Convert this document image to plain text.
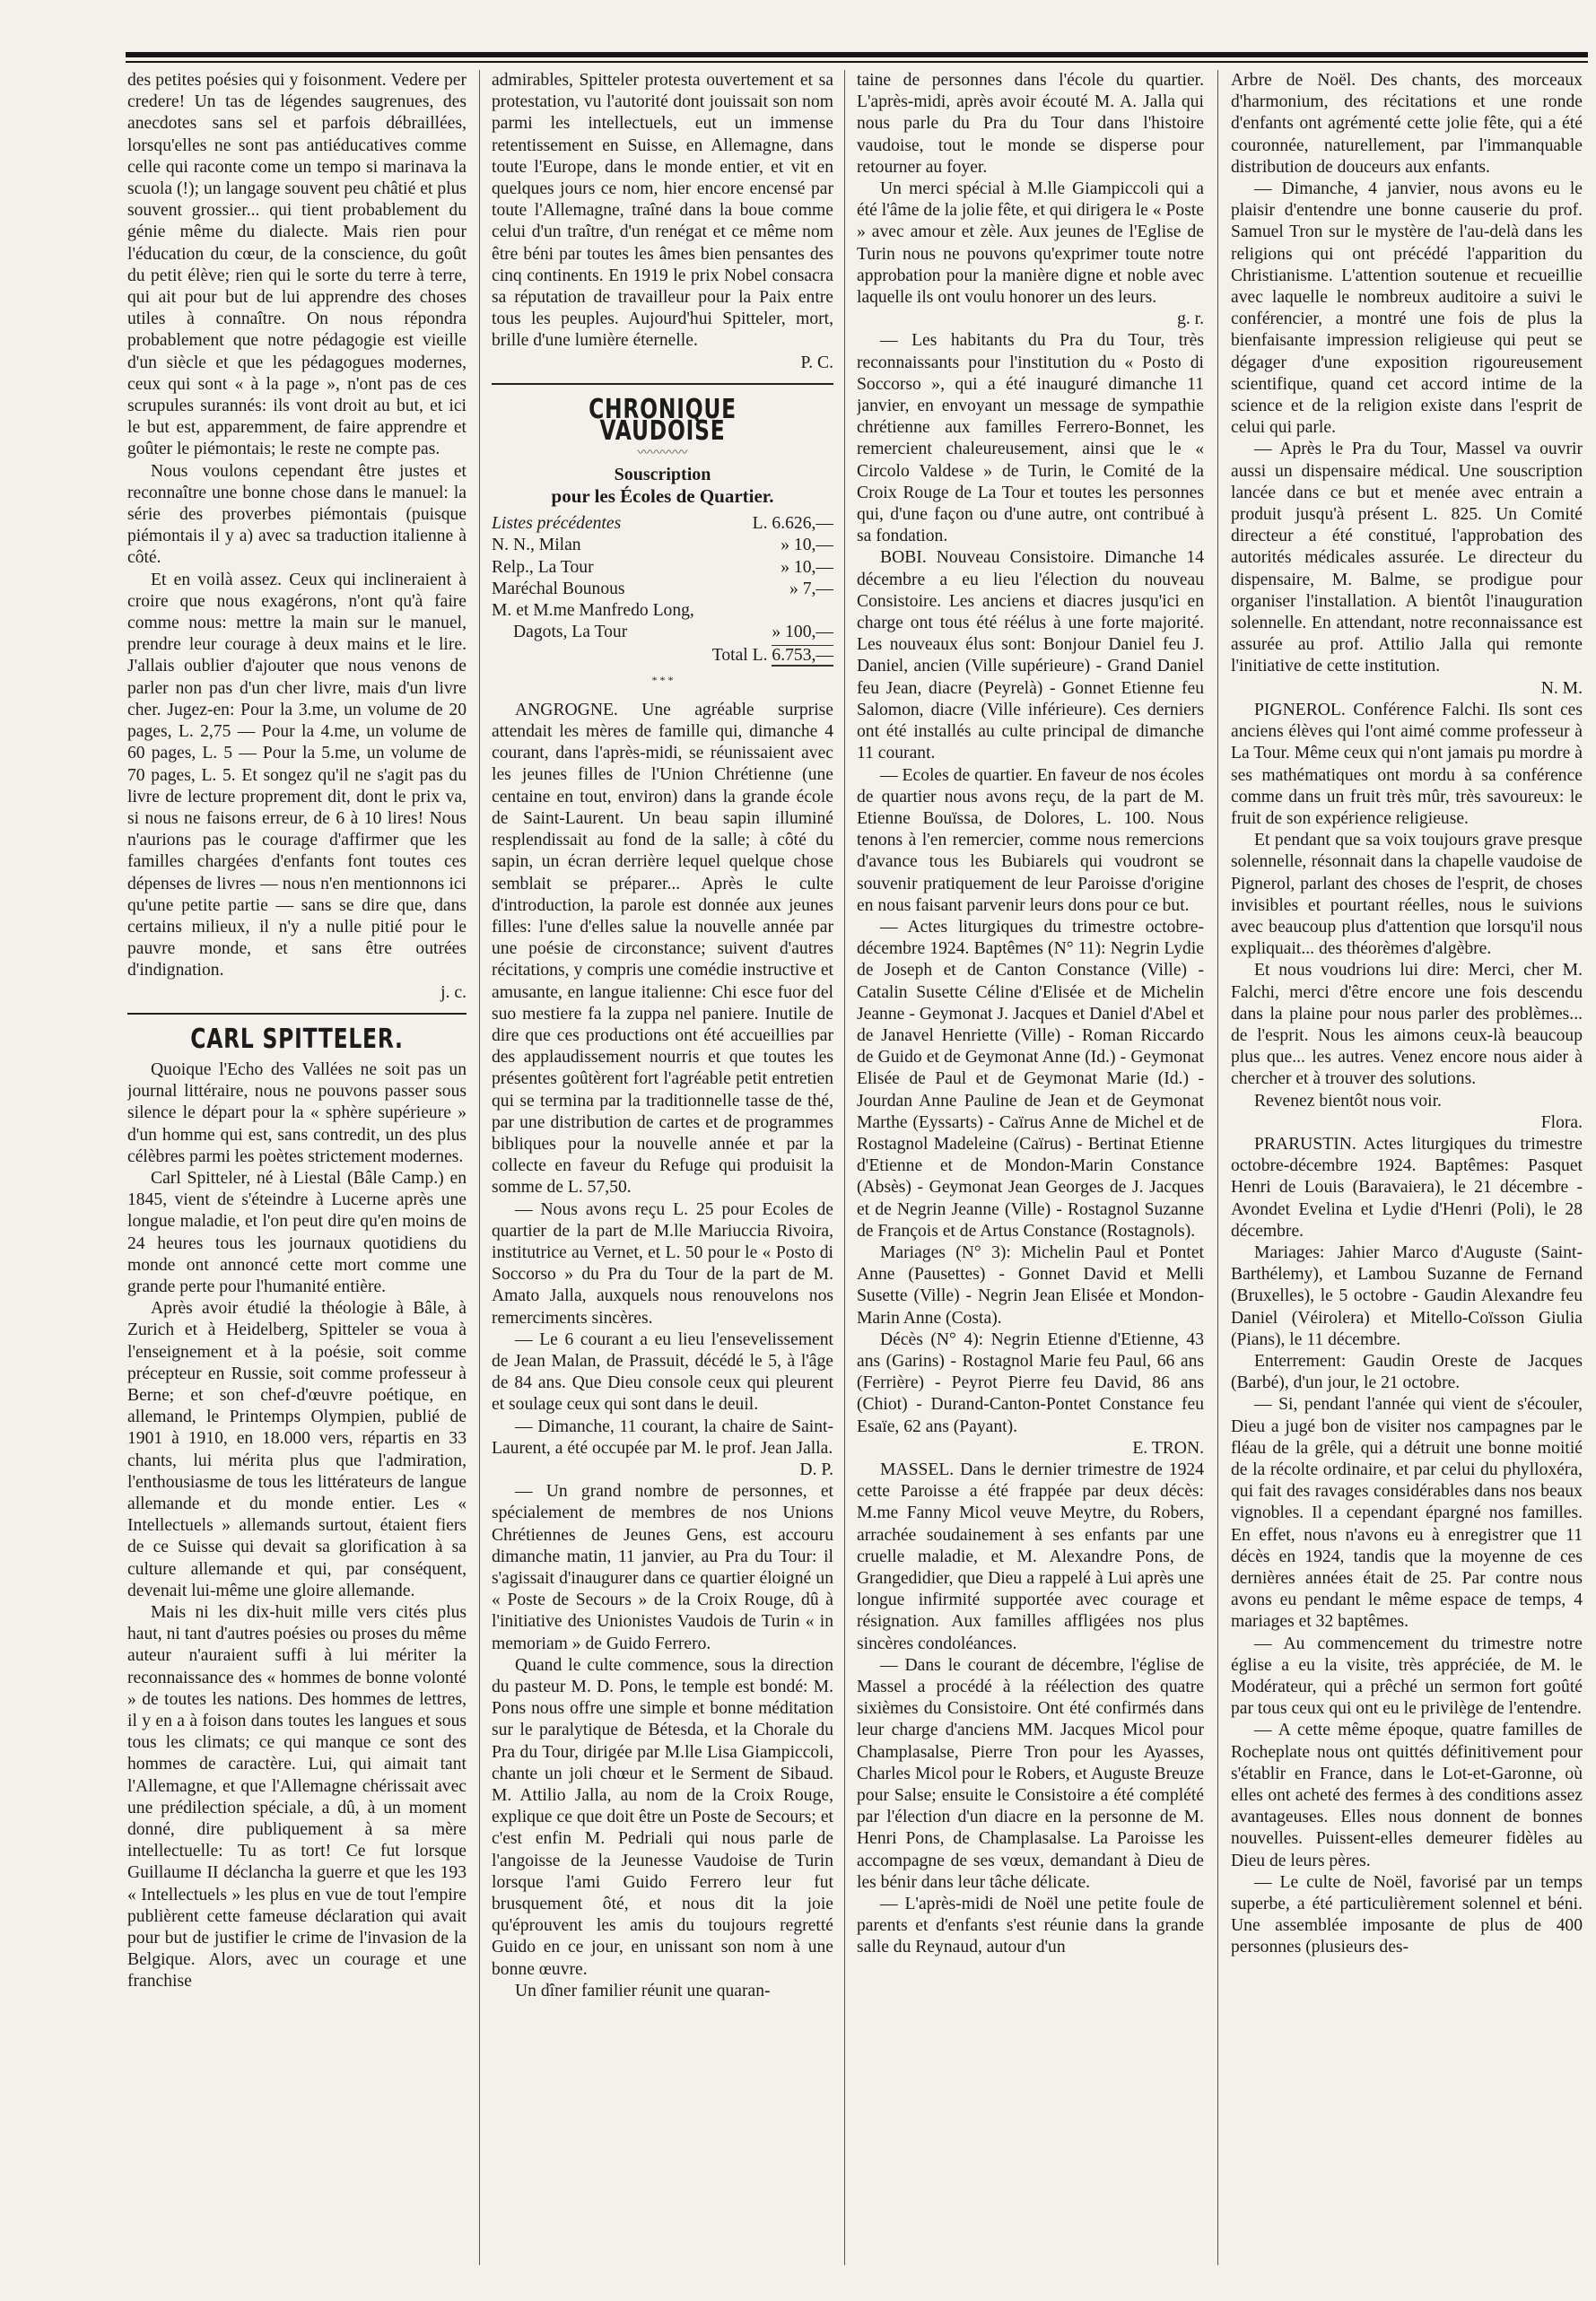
des petites poésies qui y foisonment. Vedere per credere! Un tas de légendes saugrenues, des anecdotes sans sel et parfois débraillées, lorsqu'elles ne sont pas antiéducatives comme celle qui raconte come un tempo si marinava la scuola (!); un langage souvent peu châtié et plus souvent grossier... qui tient probablement du génie même du dialecte. Mais rien pour l'éducation du cœur, de la conscience, du goût du petit élève; rien qui le sorte du terre à terre, qui ait pour but de lui apprendre des choses utiles à connaître. On nous répondra probablement que notre pédagogie est vieille d'un siècle et que les pédagogues modernes, ceux qui sont « à la page », n'ont pas de ces scrupules surannés: ils vont droit au but, et ici le but est, apparemment, de faire apprendre et goûter le piémontais; le reste ne compte pas.

Nous voulons cependant être justes et reconnaître une bonne chose dans le manuel: la série des proverbes piémontais (puisque piémontais il y a) avec sa traduction italienne à côté.

Et en voilà assez. Ceux qui inclineraient à croire que nous exagérons, n'ont qu'à faire comme nous: mettre la main sur le manuel, prendre leur courage à deux mains et le lire. J'allais oublier d'ajouter que nous venons de parler non pas d'un cher livre, mais d'un livre cher. Jugez-en: Pour la 3.me, un volume de 20 pages, L. 2,75 — Pour la 4.me, un volume de 60 pages, L. 5 — Pour la 5.me, un volume de 70 pages, L. 5. Et songez qu'il ne s'agit pas du livre de lecture proprement dit, dont le prix va, si nous ne faisons erreur, de 6 à 10 lires! Nous n'aurions pas le courage d'affirmer que les familles chargées d'enfants font toutes ces dépenses de livres — nous n'en mentionnons ici qu'une petite partie — sans se dire que, dans certains milieux, il n'y a nulle pitié pour le pauvre monde, et sans être outrées d'indignation.

j. c.

CARL SPITTELER.

Quoique l'Echo des Vallées ne soit pas un journal littéraire, nous ne pouvons passer sous silence le départ pour la « sphère supérieure » d'un homme qui est, sans contredit, un des plus célèbres parmi les poètes strictement modernes.

Carl Spitteler, né à Liestal (Bâle Camp.) en 1845, vient de s'éteindre à Lucerne après une longue maladie, et l'on peut dire qu'en moins de 24 heures tous les journaux quotidiens du monde ont annoncé cette mort comme une grande perte pour l'humanité entière.

Après avoir étudié la théologie à Bâle, à Zurich et à Heidelberg, Spitteler se voua à l'enseignement et à la poésie, soit comme précepteur en Russie, soit comme professeur à Berne; et son chef-d'œuvre poétique, en allemand, le Printemps Olympien, publié de 1901 à 1910, en 18.000 vers, répartis en 33 chants, lui mérita plus que l'admiration, l'enthousiasme de tous les littérateurs de langue allemande et du monde entier. Les « Intellectuels » allemands surtout, étaient fiers de ce Suisse qui devait sa glorification à sa culture allemande et qui, par conséquent, devenait lui-même une gloire allemande.

Mais ni les dix-huit mille vers cités plus haut, ni tant d'autres poésies ou proses du même auteur n'auraient suffi à lui mériter la reconnaissance des « hommes de bonne volonté » de toutes les nations. Des hommes de lettres, il y en a à foison dans toutes les langues et sous tous les climats; ce qui manque ce sont des hommes de caractère. Lui, qui aimait tant l'Allemagne, et que l'Allemagne chérissait avec une prédilection spéciale, a dû, à un moment donné, dire publiquement à sa mère intellectuelle: Tu as tort! Ce fut lorsque Guillaume II déclancha la guerre et que les 193 « Intellectuels » les plus en vue de tout l'empire publièrent cette fameuse déclaration qui avait pour but de justifier le crime de l'invasion de la Belgique. Alors, avec un courage et une franchise

admirables, Spitteler protesta ouvertement et sa protestation, vu l'autorité dont jouissait son nom parmi les intellectuels, eut un immense retentissement en Suisse, en Allemagne, dans toute l'Europe, dans le monde entier, et vit en quelques jours ce nom, hier encore encensé par toute l'Allemagne, traîné dans la boue comme celui d'un traître, d'un renégat et ce même nom être béni par toutes les âmes bien pensantes des cinq continents. En 1919 le prix Nobel consacra sa réputation de travailleur pour la Paix entre tous les peuples. Aujourd'hui Spitteler, mort, brille d'une lumière éternelle.

P. C.

CHRONIQUE VAUDOISE
〰〰〰〰
Souscription
pour les Écoles de Quartier.
Listes précédentes	L. 6.626,—
N. N., Milan	» 10,—
Relp., La Tour	» 10,—
Maréchal Bounous	» 7,—
M. et M.me Manfredo Long,	
Dagots, La Tour	» 100,—
Total L. 6.753,—
* * *

ANGROGNE. Une agréable surprise attendait les mères de famille qui, dimanche 4 courant, dans l'après-midi, se réunissaient avec les jeunes filles de l'Union Chrétienne (une centaine en tout, environ) dans la grande école de Saint-Laurent. Un beau sapin illuminé resplendissait au fond de la salle; à côté du sapin, un écran derrière lequel quelque chose semblait se préparer... Après le culte d'introduction, la parole est donnée aux jeunes filles: l'une d'elles salue la nouvelle année par une poésie de circonstance; suivent d'autres récitations, y compris une comédie instructive et amusante, en langue italienne: Chi esce fuor del suo mestiere fa la zuppa nel paniere. Inutile de dire que ces productions ont été accueillies par des applaudissement nourris et que toutes les présentes goûtèrent fort l'agréable petit entretien qui se termina par la traditionnelle tasse de thé, par une distribution de cartes et de programmes bibliques pour la nouvelle année et par la collecte en faveur du Refuge qui produisit la somme de L. 57,50.

— Nous avons reçu L. 25 pour Ecoles de quartier de la part de M.lle Mariuccia Rivoira, institutrice au Vernet, et L. 50 pour le « Posto di Soccorso » du Pra du Tour de la part de M. Amato Jalla, auxquels nous renouvelons nos remerciments sincères.

— Le 6 courant a eu lieu l'ensevelissement de Jean Malan, de Prassuit, décédé le 5, à l'âge de 84 ans. Que Dieu console ceux qui pleurent et soulage ceux qui sont dans le deuil.

— Dimanche, 11 courant, la chaire de Saint-Laurent, a été occupée par M. le prof. Jean Jalla.

D. P.

— Un grand nombre de personnes, et spécialement de membres de nos Unions Chrétiennes de Jeunes Gens, est accouru dimanche matin, 11 janvier, au Pra du Tour: il s'agissait d'inaugurer dans ce quartier éloigné un « Poste de Secours » de la Croix Rouge, dû à l'initiative des Unionistes Vaudois de Turin « in memoriam » de Guido Ferrero.

Quand le culte commence, sous la direction du pasteur M. D. Pons, le temple est bondé: M. Pons nous offre une simple et bonne méditation sur le paralytique de Bétesda, et la Chorale du Pra du Tour, dirigée par M.lle Lisa Giampiccoli, chante un joli chœur et le Serment de Sibaud. M. Attilio Jalla, au nom de la Croix Rouge, explique ce que doit être un Poste de Secours; et c'est enfin M. Pedriali qui nous parle de l'angoisse de la Jeunesse Vaudoise de Turin lorsque l'ami Guido Ferrero leur fut brusquement ôté, et nous dit la joie qu'éprouvent les amis du toujours regretté Guido en ce jour, en unissant son nom à une bonne œuvre.

Un dîner familier réunit une quaran-

taine de personnes dans l'école du quartier. L'après-midi, après avoir écouté M. A. Jalla qui nous parle du Pra du Tour dans l'histoire vaudoise, tout le monde se disperse pour retourner au foyer.

Un merci spécial à M.lle Giampiccoli qui a été l'âme de la jolie fête, et qui dirigera le « Poste » avec amour et zèle. Aux jeunes de l'Eglise de Turin nous ne pouvons qu'exprimer toute notre approbation pour la manière digne et noble avec laquelle ils ont voulu honorer un des leurs.

g. r.

— Les habitants du Pra du Tour, très reconnaissants pour l'institution du « Posto di Soccorso », qui a été inauguré dimanche 11 janvier, en envoyant un message de sympathie chrétienne aux familles Ferrero-Bonnet, les remercient chaleureusement, ainsi que le « Circolo Valdese » de Turin, le Comité de la Croix Rouge de La Tour et toutes les personnes qui, d'une façon ou d'une autre, ont contribué à sa fondation.

BOBI. Nouveau Consistoire. Dimanche 14 décembre a eu lieu l'élection du nouveau Consistoire. Les anciens et diacres jusqu'ici en charge ont tous été réélus à une forte majorité. Les nouveaux élus sont: Bonjour Daniel feu J. Daniel, ancien (Ville supérieure) - Grand Daniel feu Jean, diacre (Peyrelà) - Gonnet Etienne feu Salomon, diacre (Ville inférieure). Ces derniers ont été installés au culte principal de dimanche 11 courant.

— Ecoles de quartier. En faveur de nos écoles de quartier nous avons reçu, de la part de M. Etienne Bouïssa, de Dolores, L. 100. Nous tenons à l'en remercier, comme nous remercions d'avance tous les Bubiarels qui voudront se souvenir pratiquement de leur Paroisse d'origine en nous faisant parvenir leurs dons pour ce but.

— Actes liturgiques du trimestre octobre-décembre 1924. Baptêmes (N° 11): Negrin Lydie de Joseph et de Canton Constance (Ville) - Catalin Susette Céline d'Elisée et de Michelin Jeanne - Geymonat J. Jacques et Daniel d'Abel et de Janavel Henriette (Ville) - Roman Riccardo de Guido et de Geymonat Anne (Id.) - Geymonat Elisée de Paul et de Geymonat Marie (Id.) - Jourdan Anne Pauline de Jean et de Geymonat Marthe (Eyssarts) - Caïrus Anne de Michel et de Rostagnol Madeleine (Caïrus) - Bertinat Etienne d'Etienne et de Mondon-Marin Constance (Absès) - Geymonat Jean Georges de J. Jacques et de Negrin Jeanne (Ville) - Rostagnol Suzanne de François et de Artus Constance (Rostagnols).

Mariages (N° 3): Michelin Paul et Pontet Anne (Pausettes) - Gonnet David et Melli Susette (Ville) - Negrin Jean Elisée et Mondon-Marin Anne (Costa).

Décès (N° 4): Negrin Etienne d'Etienne, 43 ans (Garins) - Rostagnol Marie feu Paul, 66 ans (Ferrière) - Peyrot Pierre feu David, 86 ans (Chiot) - Durand-Canton-Pontet Constance feu Esaïe, 62 ans (Payant).

E. TRON.

MASSEL. Dans le dernier trimestre de 1924 cette Paroisse a été frappée par deux décès: M.me Fanny Micol veuve Meytre, du Robers, arrachée soudainement à ses enfants par une cruelle maladie, et M. Alexandre Pons, de Grangedidier, que Dieu a rappelé à Lui après une longue infirmité supportée avec courage et résignation. Aux familles affligées nos plus sincères condoléances.

— Dans le courant de décembre, l'église de Massel a procédé à la réélection des quatre sixièmes du Consistoire. Ont été confirmés dans leur charge d'anciens MM. Jacques Micol pour Champlasalse, Pierre Tron pour les Ayasses, Charles Micol pour le Robers, et Auguste Breuze pour Salse; ensuite le Consistoire a été complété par l'élection d'un diacre en la personne de M. Henri Pons, de Champlasalse. La Paroisse les accompagne de ses vœux, demandant à Dieu de les bénir dans leur tâche délicate.

— L'après-midi de Noël une petite foule de parents et d'enfants s'est réunie dans la grande salle du Reynaud, autour d'un

Arbre de Noël. Des chants, des morceaux d'harmonium, des récitations et une ronde d'enfants ont agrémenté cette jolie fête, qui a été couronnée, naturellement, par l'immanquable distribution de douceurs aux enfants.

— Dimanche, 4 janvier, nous avons eu le plaisir d'entendre une bonne causerie du prof. Samuel Tron sur le mystère de l'au-delà dans les religions qui ont précédé l'apparition du Christianisme. L'attention soutenue et recueillie avec laquelle le nombreux auditoire a suivi le conférencier, a montré une fois de plus la bienfaisante impression religieuse qui peut se dégager d'une exposition rigoureusement scientifique, quand cet accord intime de la science et de la religion existe dans l'esprit de celui qui parle.

— Après le Pra du Tour, Massel va ouvrir aussi un dispensaire médical. Une souscription lancée dans ce but et menée avec entrain a produit jusqu'à présent L. 825. Un Comité directeur a été constitué, l'approbation des autorités médicales assurée. Le directeur du dispensaire, M. Balme, se prodigue pour organiser l'installation. A bientôt l'inauguration solennelle. En attendant, notre reconnaissance est assurée au prof. Attilio Jalla qui remonte l'initiative de cette institution.

N. M.

PIGNEROL. Conférence Falchi. Ils sont ces anciens élèves qui l'ont aimé comme professeur à La Tour. Même ceux qui n'ont jamais pu mordre à ses mathématiques ont mordu à sa conférence comme dans un fruit très mûr, très savoureux: le fruit de son expérience religieuse.

Et pendant que sa voix toujours grave presque solennelle, résonnait dans la chapelle vaudoise de Pignerol, parlant des choses de l'esprit, de choses invisibles et pourtant réelles, nous le suivions avec beaucoup plus d'attention que lorsqu'il nous expliquait... des théorèmes d'algèbre.

Et nous voudrions lui dire: Merci, cher M. Falchi, merci d'être encore une fois descendu dans la plaine pour nous parler des problèmes... de l'esprit. Nous les aimons ceux-là beaucoup plus que... les autres. Venez encore nous aider à chercher et à trouver des solutions.

Revenez bientôt nous voir.

Flora.

PRARUSTIN. Actes liturgiques du trimestre octobre-décembre 1924. Baptêmes: Pasquet Henri de Louis (Baravaiera), le 21 décembre - Avondet Evelina et Lydie d'Henri (Poli), le 28 décembre.

Mariages: Jahier Marco d'Auguste (Saint-Barthélemy), et Lambou Suzanne de Fernand (Bruxelles), le 5 octobre - Gaudin Alexandre feu Daniel (Véirolera) et Mitello-Coïsson Giulia (Pians), le 11 décembre.

Enterrement: Gaudin Oreste de Jacques (Barbé), d'un jour, le 21 octobre.

— Si, pendant l'année qui vient de s'écouler, Dieu a jugé bon de visiter nos campagnes par le fléau de la grêle, qui a détruit une bonne moitié de la récolte ordinaire, et par celui du phylloxéra, qui fait des ravages considérables dans nos beaux vignobles. Il a cependant épargné nos familles. En effet, nous n'avons eu à enregistrer que 11 décès en 1924, tandis que la moyenne de ces dernières années était de 25. Par contre nous avons eu pendant le même espace de temps, 4 mariages et 32 baptêmes.

— Au commencement du trimestre notre église a eu la visite, très appréciée, de M. le Modérateur, qui a prêché un sermon fort goûté par tous ceux qui ont eu le privilège de l'entendre.

— A cette même époque, quatre familles de Rocheplate nous ont quittés définitivement pour s'établir en France, dans le Lot-et-Garonne, où elles ont acheté des fermes à des conditions assez avantageuses. Elles nous donnent de bonnes nouvelles. Puissent-elles demeurer fidèles au Dieu de leurs pères.

— Le culte de Noël, favorisé par un temps superbe, a été particulièrement solennel et béni. Une assemblée imposante de plus de 400 personnes (plusieurs des-
